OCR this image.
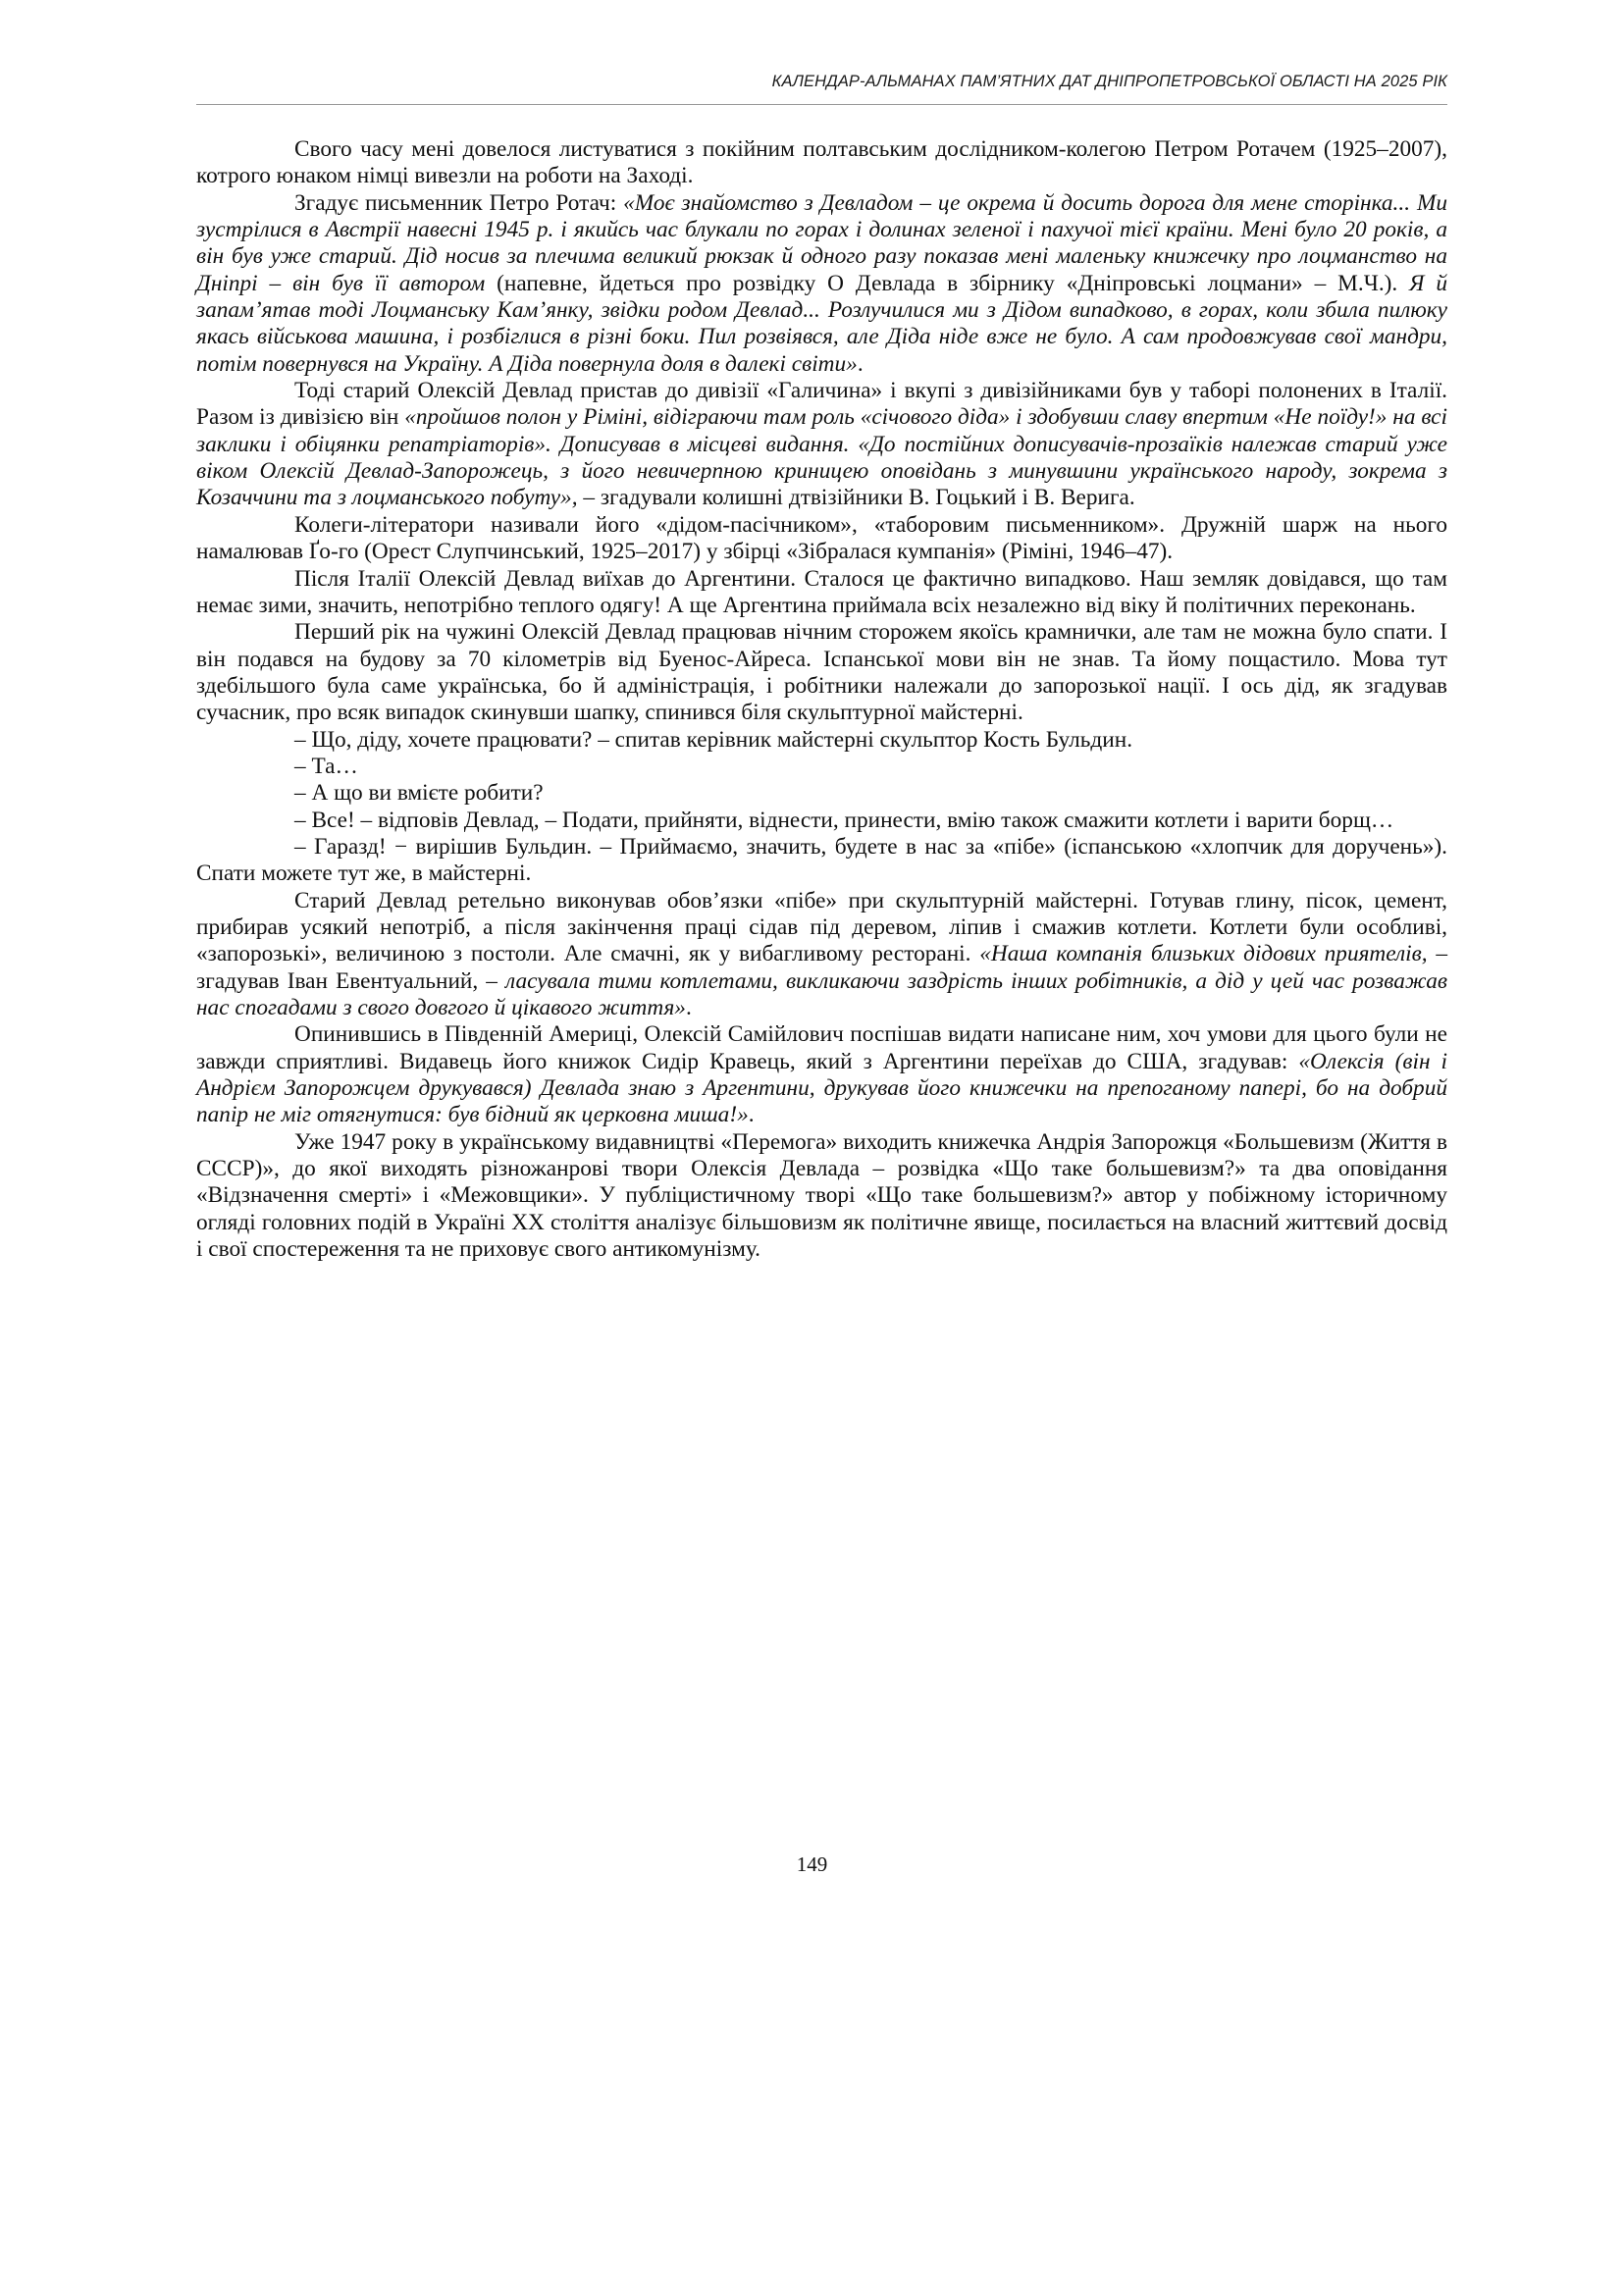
КАЛЕНДАР-АЛЬМАНАХ ПАМ’ЯТНИХ ДАТ ДНІПРОПЕТРОВСЬКОЇ ОБЛАСТІ НА 2025 РІК

Свого часу мені довелося листуватися з покійним полтавським дослідником-колегою Петром Ротачем (1925–2007), котрого юнаком німці вивезли на роботи на Заході.

Згадує письменник Петро Ротач: «Моє знайомство з Девладом – це окрема й досить дорога для мене сторінка... Ми зустрілися в Австрії навесні 1945 р. і якийсь час блукали по горах і долинах зеленої і пахучої тієї країни. Мені було 20 років, а він був уже старий. Дід носив за плечима великий рюкзак й одного разу показав мені маленьку книжечку про лоцманство на Дніпрі – він був її автором (напевне, йдеться про розвідку О Девлада в збірнику «Дніпровські лоцмани» – М.Ч.). Я й запам’ятав тоді Лоцманську Кам’янку, звідки родом Девлад... Розлучилися ми з Дідом випадково, в горах, коли збила пилюку якась військова машина, і розбіглися в різні боки. Пил розвіявся, але Діда ніде вже не було. А сам продовжував свої мандри, потім повернувся на Україну. А Діда повернула доля в далекі світи».

Тоді старий Олексій Девлад пристав до дивізії «Галичина» і вкупі з дивізійниками був у таборі полонених в Італії. Разом із дивізією він «пройшов полон у Ріміні, відіграючи там роль «січового діда» і здобувши славу впертим «Не поїду!» на всі заклики і обіцянки репатріаторів». Дописував в місцеві видання. «До постійних дописувачів-прозаїків належав старий уже віком Олексій Девлад-Запорожець, з його невичерпною криницею оповідань з минувшини українського народу, зокрема з Козаччини та з лоцманського побуту», – згадували колишні дтвізійники В. Гоцький і В. Верига.

Колеги-літератори називали його «дідом-пасічником», «таборовим письменником». Дружній шарж на нього намалював Ґо-го (Орест Слупчинський, 1925–2017) у збірці «Зібралася кумпанія» (Ріміні, 1946–47).

Після Італії Олексій Девлад виїхав до Аргентини. Сталося це фактично випадково. Наш земляк довідався, що там немає зими, значить, непотрібно теплого одягу! А ще Аргентина приймала всіх незалежно від віку й політичних переконань.

Перший рік на чужині Олексій Девлад працював нічним сторожем якоїсь крамнички, але там не можна було спати. І він подався на будову за 70 кілометрів від Буенос-Айреса. Іспанської мови він не знав. Та йому пощастило. Мова тут здебільшого була саме українська, бо й адміністрація, і робітники належали до запорозької нації. І ось дід, як згадував сучасник, про всяк випадок скинувши шапку, спинився біля скульптурної майстерні.

– Що, діду, хочете працювати? – спитав керівник майстерні скульптор Кость Бульдин.

– Та…

– А що ви вмієте робити?

– Все! – відповів Девлад, – Подати, прийняти, віднести, принести, вмію також смажити котлети і варити борщ…

– Гаразд! − вирішив Бульдин. – Приймаємо, значить, будете в нас за «пібе» (іспанською «хлопчик для доручень»). Спати можете тут же, в майстерні.

Старий Девлад ретельно виконував обов’язки «пібе» при скульптурній майстерні. Готував глину, пісок, цемент, прибирав усякий непотріб, а після закінчення праці сідав під деревом, ліпив і смажив котлети. Котлети були особливі, «запорозькі», величиною з постоли. Але смачні, як у вибагливому ресторані. «Наша компанія близьких дідових приятелів, – згадував Іван Евентуальний, – ласувала тими котлетами, викликаючи заздрість інших робітників, а дід у цей час розважав нас спогадами з свого довгого й цікавого життя».

Опинившись в Південній Америці, Олексій Самійлович поспішав видати написане ним, хоч умови для цього були не завжди сприятливі. Видавець його книжок Сидір Кравець, який з Аргентини переїхав до США, згадував: «Олексія (він і Андрієм Запорожцем друкувався) Девлада знаю з Аргентини, друкував його книжечки на препоганому папері, бо на добрий папір не міг отягнутися: був бідний як церковна миша!».

Уже 1947 року в українському видавництві «Перемога» виходить книжечка Андрія Запорожця «Большевизм (Життя в СССР)», до якої виходять різножанрові твори Олексія Девлада – розвідка «Що таке большевизм?» та два оповідання «Відзначення смерті» і «Межовщики». У публіцистичному творі «Що таке большевизм?» автор у побіжному історичному огляді головних подій в Україні ХХ століття аналізує більшовизм як політичне явище, посилається на власний життєвий досвід і свої спостереження та не приховує свого антикомунізму.

149
